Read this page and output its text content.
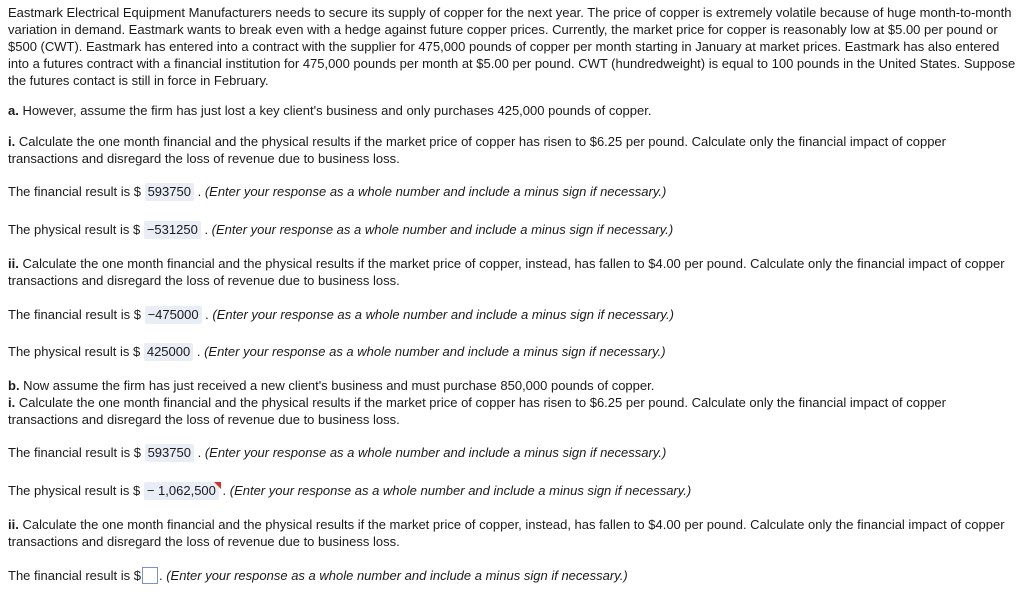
Eastmark Electrical Equipment Manufacturers needs to secure its supply of copper for the next year. The price of copper is extremely volatile because of huge month-to-month variation in demand. Eastmark wants to break even with a hedge against future copper prices. Currently, the market price for copper is reasonably low at $5.00 per pound or $500 (CWT). Eastmark has entered into a contract with the supplier for 475,000 pounds of copper per month starting in January at market prices. Eastmark has also entered into a futures contract with a financial institution for 475,000 pounds per month at $5.00 per pound. CWT (hundredweight) is equal to 100 pounds in the United States. Suppose the futures contact is still in force in February.

a. However, assume the firm has just lost a key client's business and only purchases 425,000 pounds of copper.

i. Calculate the one month financial and the physical results if the market price of copper has risen to $6.25 per pound. Calculate only the financial impact of copper transactions and disregard the loss of revenue due to business loss.

The financial result is $ 593750 . (Enter your response as a whole number and include a minus sign if necessary.)

The physical result is $ −531250 . (Enter your response as a whole number and include a minus sign if necessary.)

ii. Calculate the one month financial and the physical results if the market price of copper, instead, has fallen to $4.00 per pound. Calculate only the financial impact of copper transactions and disregard the loss of revenue due to business loss.

The financial result is $ −475000 . (Enter your response as a whole number and include a minus sign if necessary.)

The physical result is $ 425000 . (Enter your response as a whole number and include a minus sign if necessary.)

b. Now assume the firm has just received a new client's business and must purchase 850,000 pounds of copper.

i. Calculate the one month financial and the physical results if the market price of copper has risen to $6.25 per pound. Calculate only the financial impact of copper transactions and disregard the loss of revenue due to business loss.

The financial result is $ 593750 . (Enter your response as a whole number and include a minus sign if necessary.)

The physical result is $ − 1,062,500 . (Enter your response as a whole number and include a minus sign if necessary.)

ii. Calculate the one month financial and the physical results if the market price of copper, instead, has fallen to $4.00 per pound. Calculate only the financial impact of copper transactions and disregard the loss of revenue due to business loss.

The financial result is $ . (Enter your response as a whole number and include a minus sign if necessary.)
